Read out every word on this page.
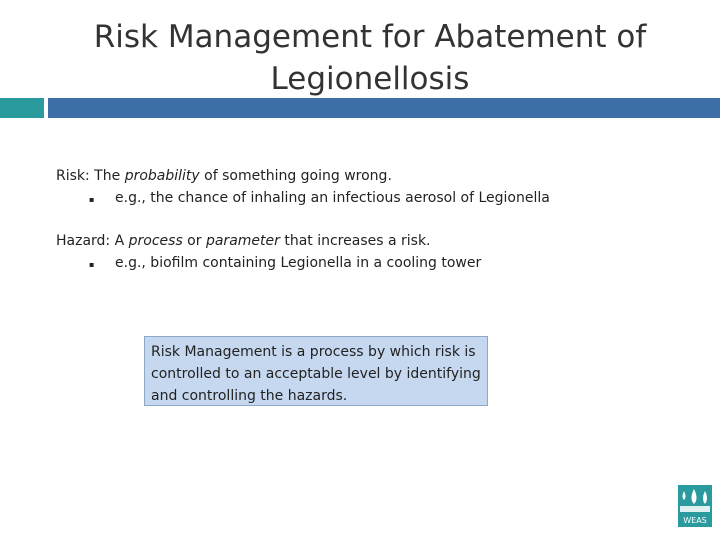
Risk Management for Abatement of Legionellosis
Risk: The probability of something going wrong.
▪ e.g., the chance of inhaling an infectious aerosol of Legionella
Hazard: A process or parameter that increases a risk.
▪ e.g., biofilm containing Legionella in a cooling tower
Risk Management is a process by which risk is controlled to an acceptable level by identifying and controlling the hazards.
WEAS
